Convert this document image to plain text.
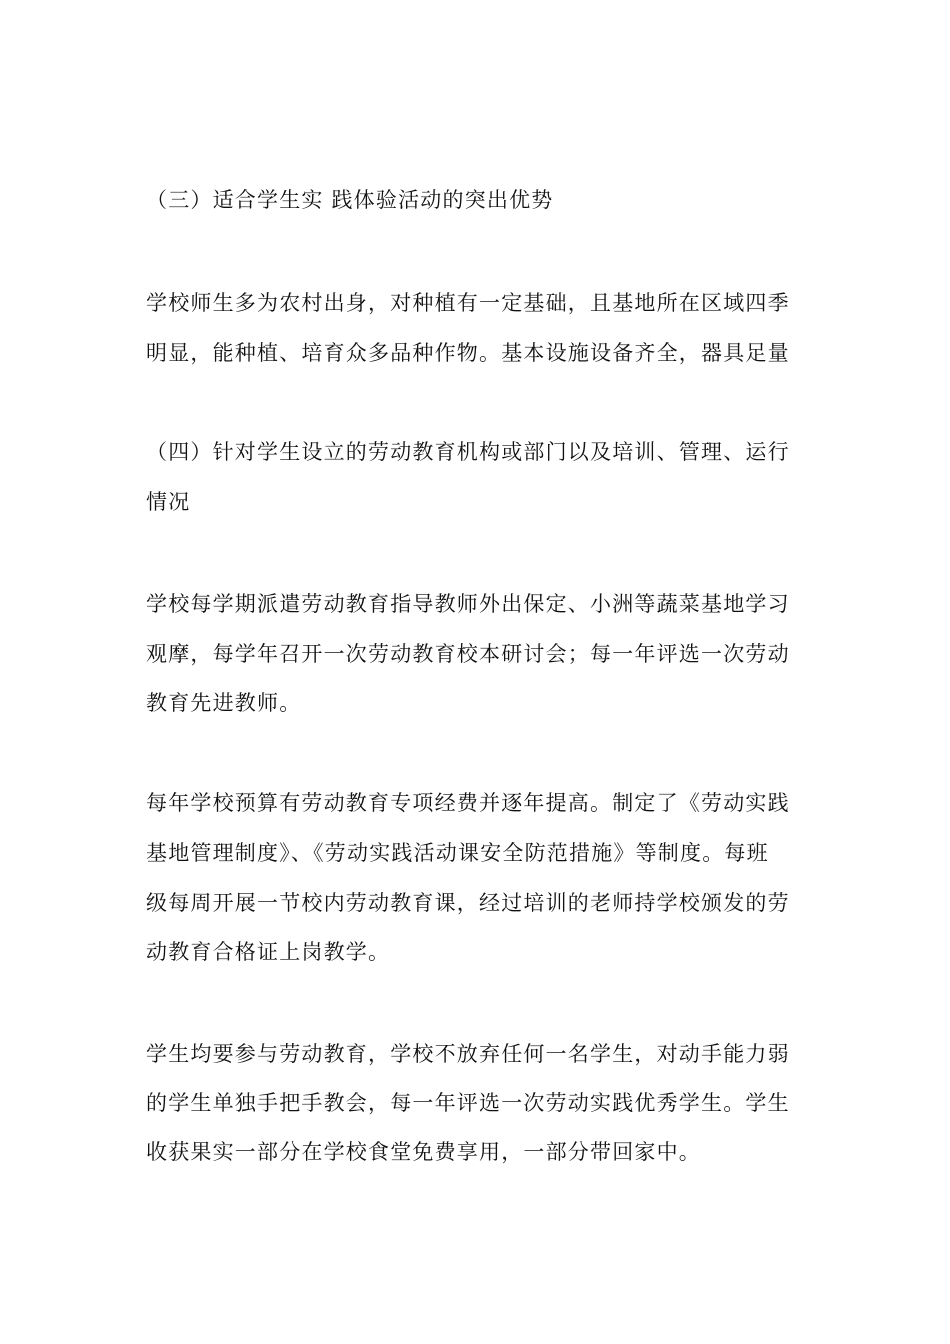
（三）适合学生实 践体验活动的突出优势
学校师生多为农村出身，对种植有一定基础，且基地所在区域四季
明显，能种植、培育众多品种作物。基本设施设备齐全，器具足量
（四）针对学生设立的劳动教育机构或部门以及培训、管理、运行
情况
学校每学期派遣劳动教育指导教师外出保定、小洲等蔬菜基地学习
观摩，每学年召开一次劳动教育校本研讨会；每一年评选一次劳动
教育先进教师。
每年学校预算有劳动教育专项经费并逐年提高。制定了《劳动实践
基地管理制度》、《劳动实践活动课安全防范措施》等制度。每班
级每周开展一节校内劳动教育课，经过培训的老师持学校颁发的劳
动教育合格证上岗教学。
学生均要参与劳动教育，学校不放弃任何一名学生，对动手能力弱
的学生单独手把手教会，每一年评选一次劳动实践优秀学生。学生
收获果实一部分在学校食堂免费享用，一部分带回家中。
